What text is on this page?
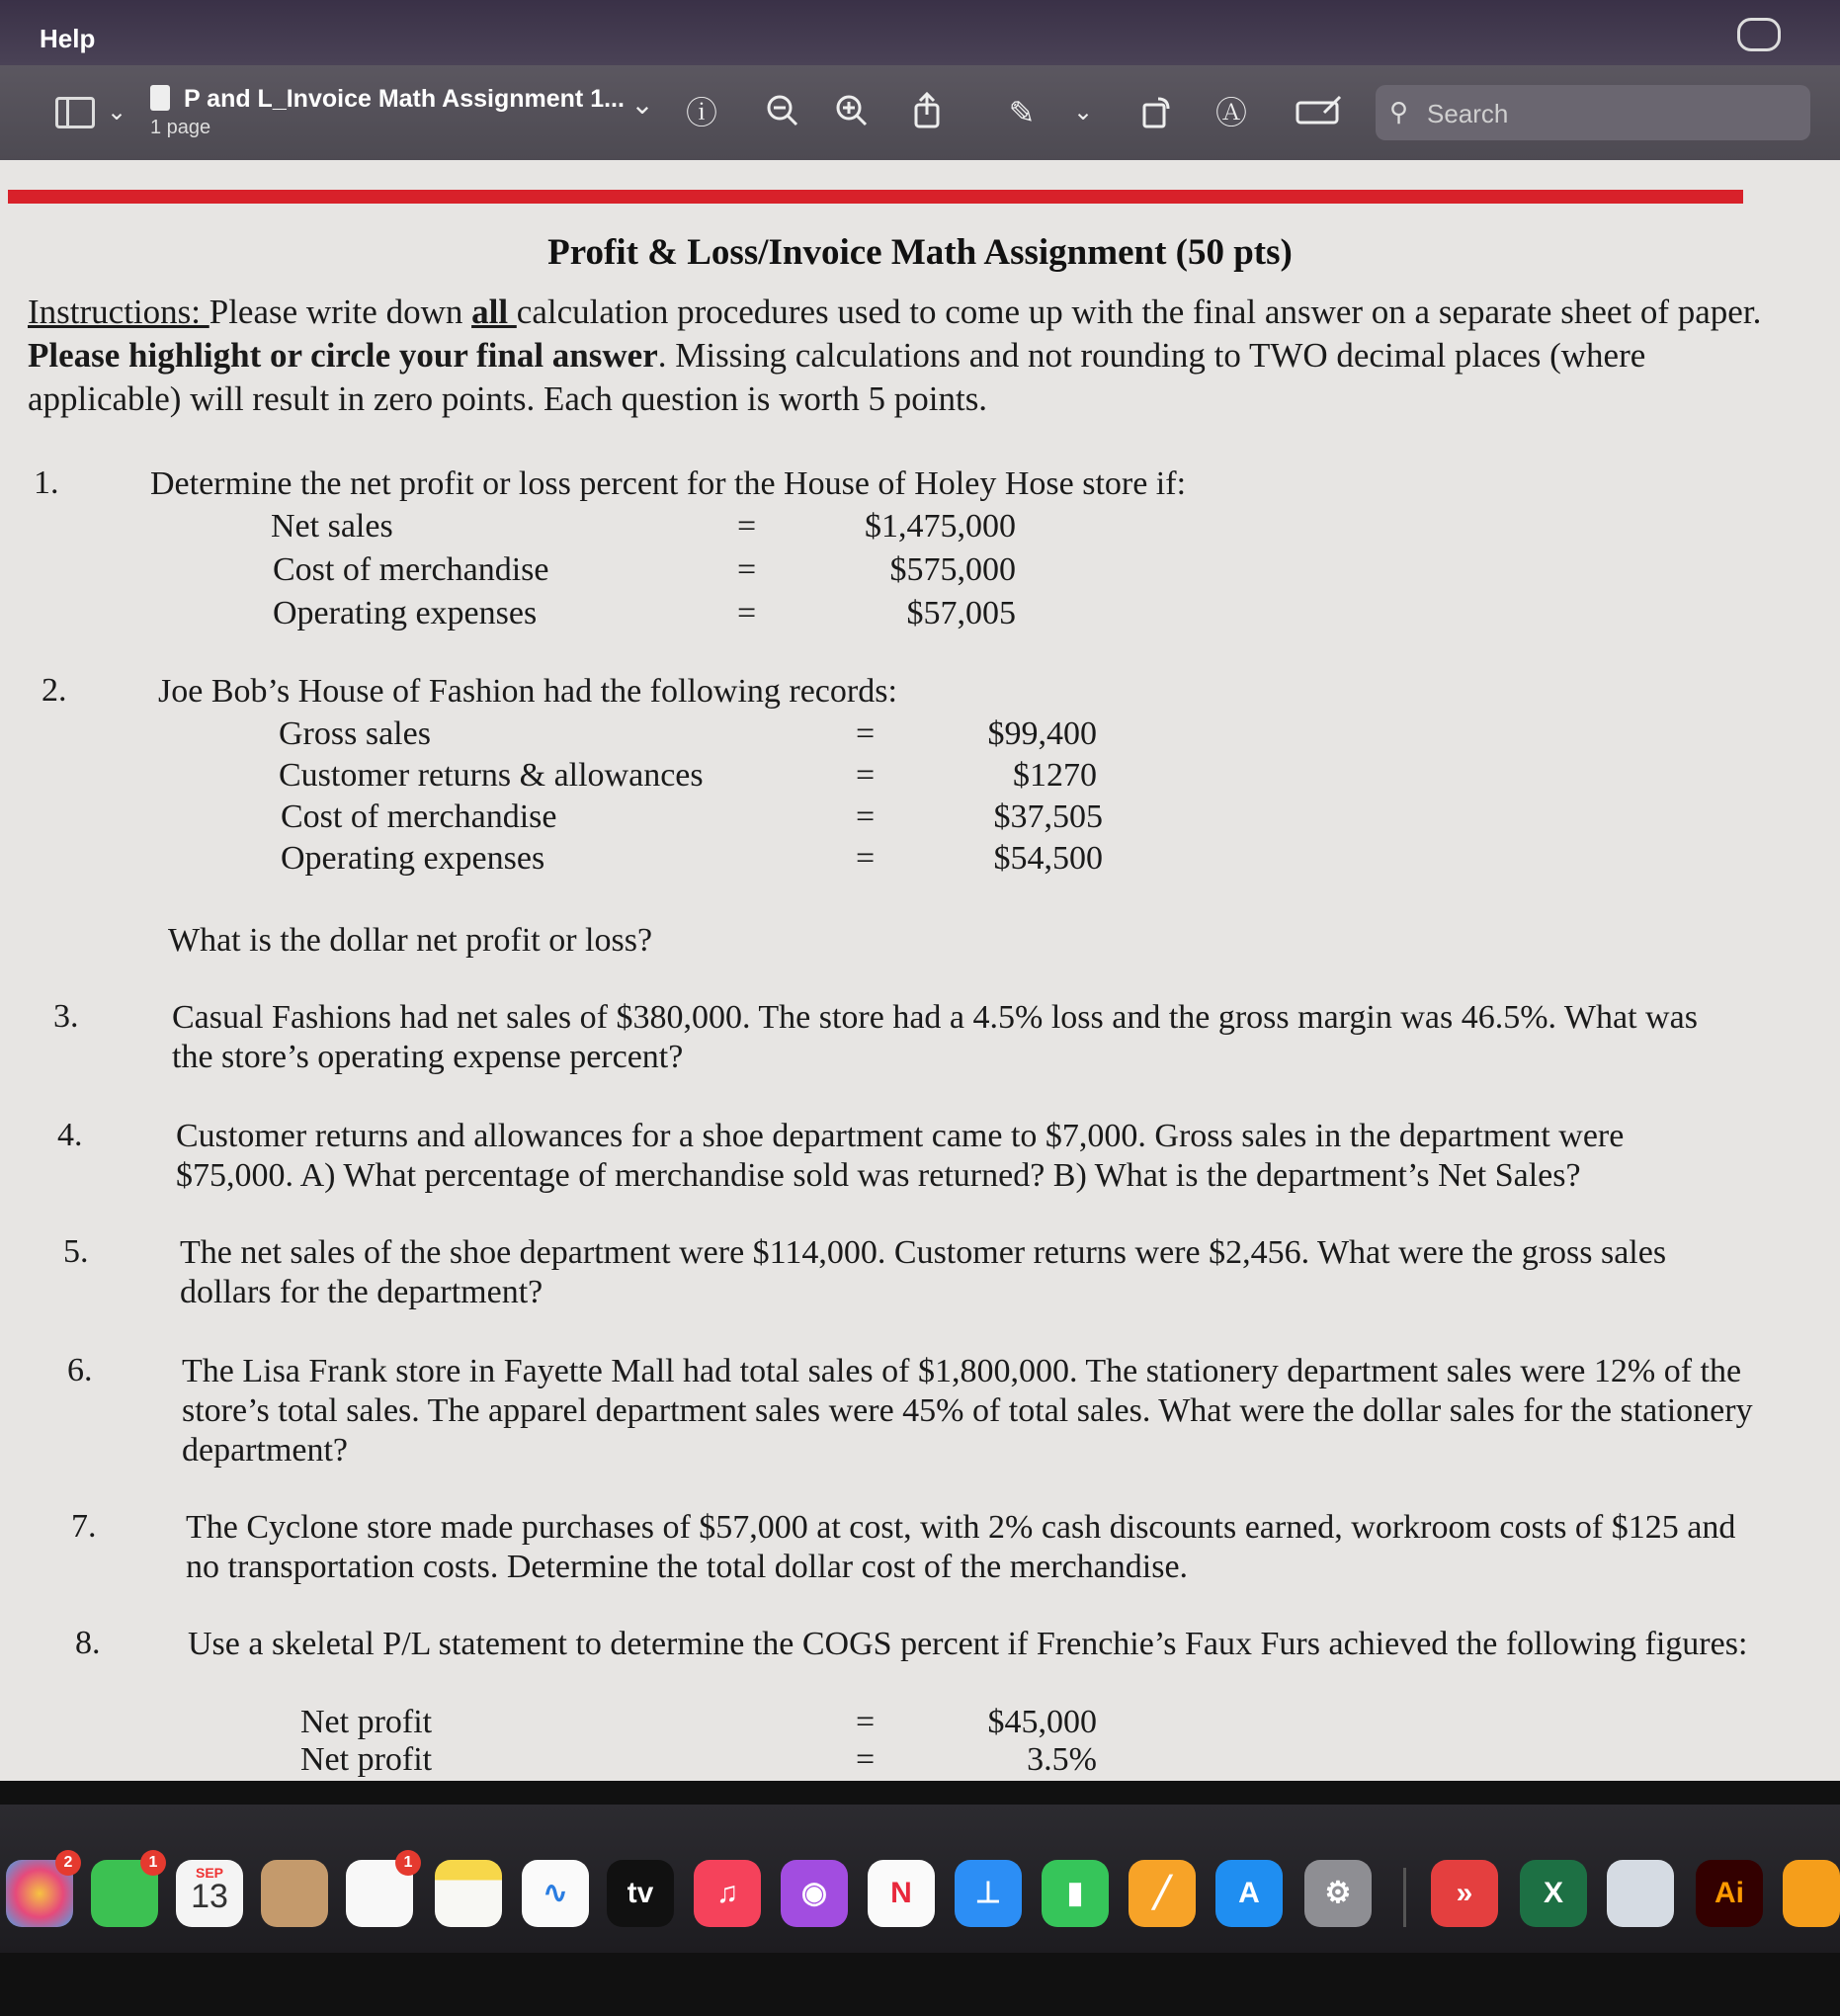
Help
⌄	P and L_Invoice Math Assignment 1... ⌄
1 page	ⓘ	✎	⌄	Ⓐ	⚲ Search
Profit & Loss/Invoice Math Assignment (50 pts)
Instructions: Please write down all calculation procedures used to come up with the final answer on a separate sheet of paper. Please highlight or circle your final answer. Missing calculations and not rounding to TWO decimal places (where applicable) will result in zero points. Each question is worth 5 points.
1.	Determine the net profit or loss percent for the House of Holey Hose store if:
Net sales	=	$1,475,000
Cost of merchandise	=	$575,000
Operating expenses	=	$57,005
2.	Joe Bob’s House of Fashion had the following records:
Gross sales	=	$99,400
Customer returns & allowances	=	$1270
Cost of merchandise	=	$37,505
Operating expenses	=	$54,500
What is the dollar net profit or loss?
3.	Casual Fashions had net sales of $380,000. The store had a 4.5% loss and the gross margin was 46.5%. What was the store’s operating expense percent?
4.	Customer returns and allowances for a shoe department came to $7,000. Gross sales in the department were $75,000. A) What percentage of merchandise sold was returned? B) What is the department’s Net Sales?
5.	The net sales of the shoe department were $114,000. Customer returns were $2,456. What were the gross sales dollars for the department?
6.	The Lisa Frank store in Fayette Mall had total sales of $1,800,000. The stationery department sales were 12% of the store’s total sales. The apparel department sales were 45% of total sales. What were the dollar sales for the stationery department?
7.	The Cyclone store made purchases of $57,000 at cost, with 2% cash discounts earned, workroom costs of $125 and no transportation costs. Determine the total dollar cost of the merchandise.
8.	Use a skeletal P/L statement to determine the COGS percent if Frenchie’s Faux Furs achieved the following figures:
Net profit	=	$45,000
Net profit	=	3.5%
2	1
SEP
13
1
∿	tv	♫	◉	N	⊥	▮	╱	A	⚙	»	X	Ai
